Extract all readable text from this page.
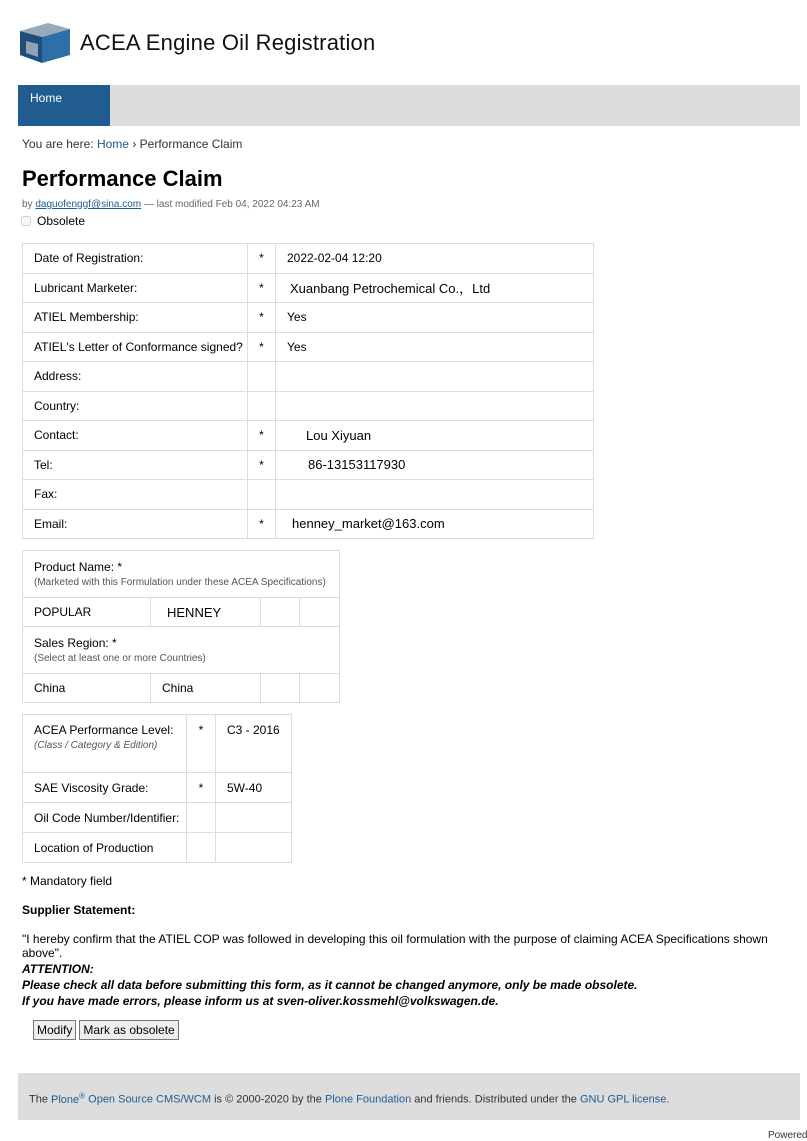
ACEA Engine Oil Registration
Home
You are here: Home › Performance Claim
Performance Claim
by daguofenggf@sina.com — last modified Feb 04, 2022 04:23 AM
Obsolete
Date of Registration:	*	2022-02-04 12:20
Lubricant Marketer:	*	Xuanbang Petrochemical Co.，Ltd
ATIEL Membership:	*	Yes
ATIEL's Letter of Conformance signed?	*	Yes
Address:		
Country:		
Contact:	*	Lou Xiyuan
Tel:	*	86-13153117930
Fax:		
Email:	*	henney_market@163.com
Product Name: *
(Marketed with this Formulation under these ACEA Specifications)			

POPULAR	HENNEY		
Sales Region: *
(Select at least one or more Countries)			

China	China		
ACEA Performance Level:
(Class / Category & Edition)	*	C3 - 2016
SAE Viscosity Grade:	*	5W-40
Oil Code Number/Identifier:		
Location of Production		
* Mandatory field
Supplier Statement:
"I hereby confirm that the ATIEL COP was followed in developing this oil formulation with the purpose of claiming ACEA Specifications shown above".
ATTENTION:
Please check all data before submitting this form, as it cannot be changed anymore, only be made obsolete.
If you have made errors, please inform us at sven-oliver.kossmehl@volkswagen.de.
Modify Mark as obsolete
The Plone® Open Source CMS/WCM is © 2000-2020 by the Plone Foundation and friends. Distributed under the GNU GPL license.
Powered
